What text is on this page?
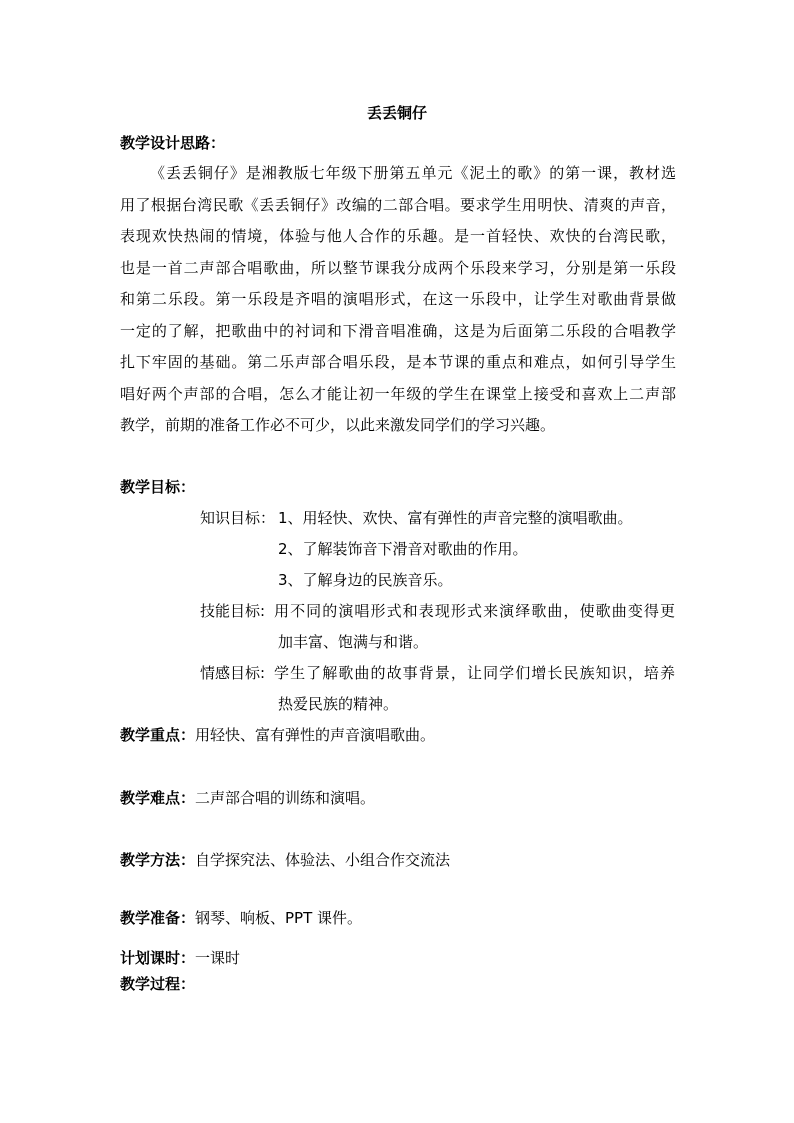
丢丢铜仔
教学设计思路：
《丢丢铜仔》是湘教版七年级下册第五单元《泥土的歌》的第一课，教材选
用了根据台湾民歌《丢丢铜仔》改编的二部合唱。要求学生用明快、清爽的声音，
表现欢快热闹的情境，体验与他人合作的乐趣。是一首轻快、欢快的台湾民歌，
也是一首二声部合唱歌曲，所以整节课我分成两个乐段来学习，分别是第一乐段
和第二乐段。第一乐段是齐唱的演唱形式，在这一乐段中，让学生对歌曲背景做
一定的了解，把歌曲中的衬词和下滑音唱准确，这是为后面第二乐段的合唱教学
扎下牢固的基础。第二乐声部合唱乐段，是本节课的重点和难点，如何引导学生
唱好两个声部的合唱，怎么才能让初一年级的学生在课堂上接受和喜欢上二声部
教学，前期的准备工作必不可少，以此来激发同学们的学习兴趣。
教学目标：
知识目标： 1、用轻快、欢快、富有弹性的声音完整的演唱歌曲。
2、了解装饰音下滑音对歌曲的作用。
3、了解身边的民族音乐。
技能目标: 用不同的演唱形式和表现形式来演绎歌曲，使歌曲变得更
加丰富、饱满与和谐。
情感目标: 学生了解歌曲的故事背景，让同学们增长民族知识，培养
热爱民族的精神。
教学重点：用轻快、富有弹性的声音演唱歌曲。
教学难点：二声部合唱的训练和演唱。
教学方法：自学探究法、体验法、小组合作交流法
教学准备：钢琴、响板、PPT 课件。
计划课时：一课时
教学过程：
